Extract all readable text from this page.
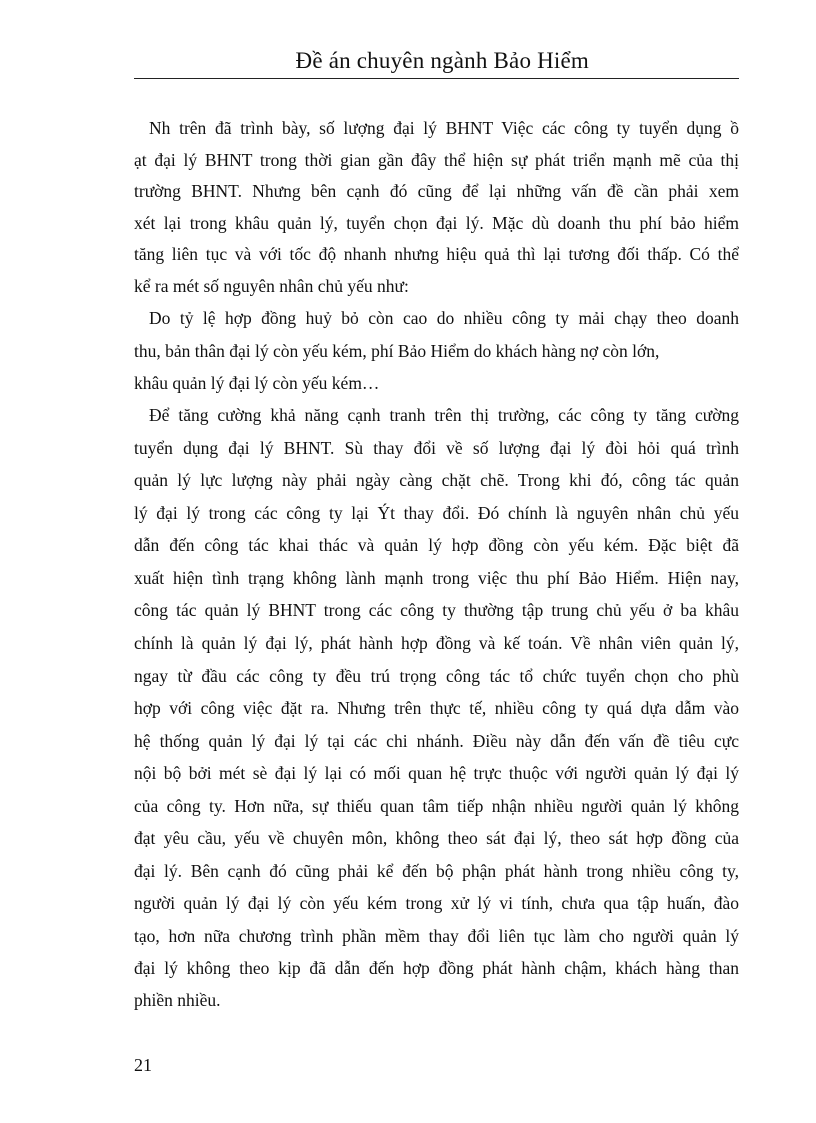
Đề án chuyên ngành Bảo Hiểm
Nh trên đã trình bày, số lượng đại lý BHNT Việc các công ty tuyển dụng ồ
ạt đại lý BHNT trong thời gian gần đây thể hiện sự phát triển mạnh mẽ của thị
trường BHNT. Nhưng bên cạnh đó cũng để lại những vấn đề cần phải xem
xét lại trong khâu quản lý, tuyển chọn đại lý. Mặc dù doanh thu phí bảo hiểm
tăng liên tục và với tốc độ nhanh nhưng hiệu quả thì lại tương đối thấp. Có thể
kể ra mét số nguyên nhân chủ yếu như:
Do tỷ lệ hợp đồng huỷ bỏ còn cao do nhiều công ty mải chạy theo doanh
thu, bản thân đại lý còn yếu kém, phí Bảo Hiểm do khách hàng nợ còn lớn,
khâu quản lý đại lý còn yếu kém…
Để tăng cường khả năng cạnh tranh trên thị trường, các công ty tăng cường
tuyển dụng đại lý BHNT. Sù thay đổi về số lượng đại lý đòi hỏi quá trình
quản lý lực lượng này phải ngày càng chặt chẽ. Trong khi đó, công tác quản
lý đại lý trong các công ty lại Ýt thay đổi. Đó chính là nguyên nhân chủ yếu
dẫn đến công tác khai thác và quản lý hợp đồng còn yếu kém. Đặc biệt đã
xuất hiện tình trạng không lành mạnh trong việc thu phí Bảo Hiểm. Hiện nay,
công tác quản lý BHNT trong các công ty thường tập trung chủ yếu ở ba khâu
chính là quản lý đại lý, phát hành hợp đồng và kế toán. Về nhân viên quản lý,
ngay từ đầu các công ty đều trú trọng công tác tổ chức tuyển chọn cho phù
hợp với công việc đặt ra. Nhưng trên thực tế, nhiều công ty quá dựa dẫm vào
hệ thống quản lý đại lý tại các chi nhánh. Điều này dẫn đến vấn đề tiêu cực
nội bộ bởi mét sè đại lý lại có mối quan hệ trực thuộc với người quản lý đại lý
của công ty. Hơn nữa, sự thiếu quan tâm tiếp nhận nhiều người quản lý không
đạt yêu cầu, yếu về chuyên môn, không theo sát đại lý, theo sát hợp đồng của
đại lý. Bên cạnh đó cũng phải kể đến bộ phận phát hành trong nhiều công ty,
người quản lý đại lý còn yếu kém trong xử lý vi tính, chưa qua tập huấn, đào
tạo, hơn nữa chương trình phần mềm thay đổi liên tục làm cho người quản lý
đại lý không theo kịp đã dẫn đến hợp đồng phát hành chậm, khách hàng than
phiền nhiều.
21
